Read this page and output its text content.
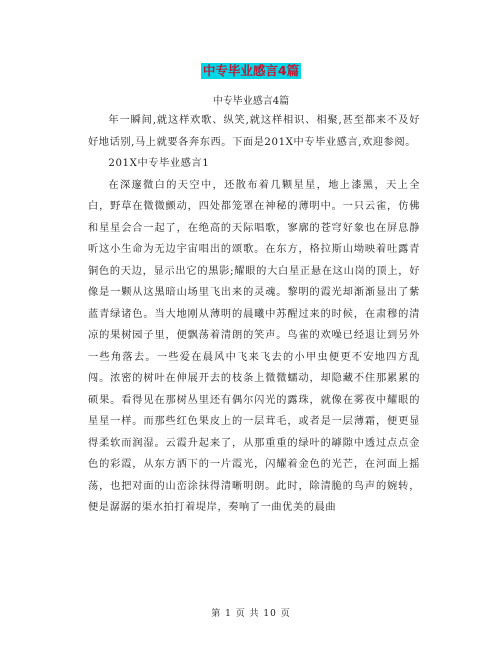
中专毕业感言4篇
中专毕业感言4篇

年一瞬间,就这样欢歌、纵笑,就这样相识、相聚,甚至都来不及好好地话别,马上就要各奔东西。下面是201X中专毕业感言,欢迎参阅。

201X中专毕业感言1

在深邃微白的天空中，还散布着几颗星星，地上漆黑，天上全白，野草在微微颤动，四处都笼罩在神秘的薄明中。一只云雀，仿佛和星星会合一起了，在绝高的天际唱歌，寥廓的苍穹好象也在屏息静听这小生命为无边宇宙唱出的颂歌。在东方，格拉斯山坳映着吐露青铜色的天边，显示出它的黑影;耀眼的大白星正悬在这山岗的顶上，好像是一颗从这黑暗山场里飞出来的灵魂。黎明的霞光却渐渐显出了紫蓝青绿诸色。当大地刚从薄明的晨曦中苏醒过来的时候，在肃穆的清凉的果树园子里，便飘荡着清朗的笑声。鸟雀的欢噪已经退让到另外一些角落去。一些爱在晨风中飞来飞去的小甲虫便更不安地四方乱闯。浓密的树叶在伸展开去的枝条上微微蠕动，却隐藏不住那累累的硕果。看得见在那树丛里还有偶尔闪光的露珠，就像在雾夜中耀眼的星星一样。而那些红色果皮上的一层茸毛，或者是一层薄霜，便更显得柔软而润湿。云霞升起来了，从那重重的绿叶的罅隙中透过点点金色的彩霞，从东方洒下的一片霞光，闪耀着金色的光芒，在河面上摇荡，也把对面的山峦涂抹得清晰明朗。此时，除清脆的鸟声的婉转，便是潺潺的渠水拍打着堤岸，奏响了一曲优美的晨曲

第 1 页 共 10 页
